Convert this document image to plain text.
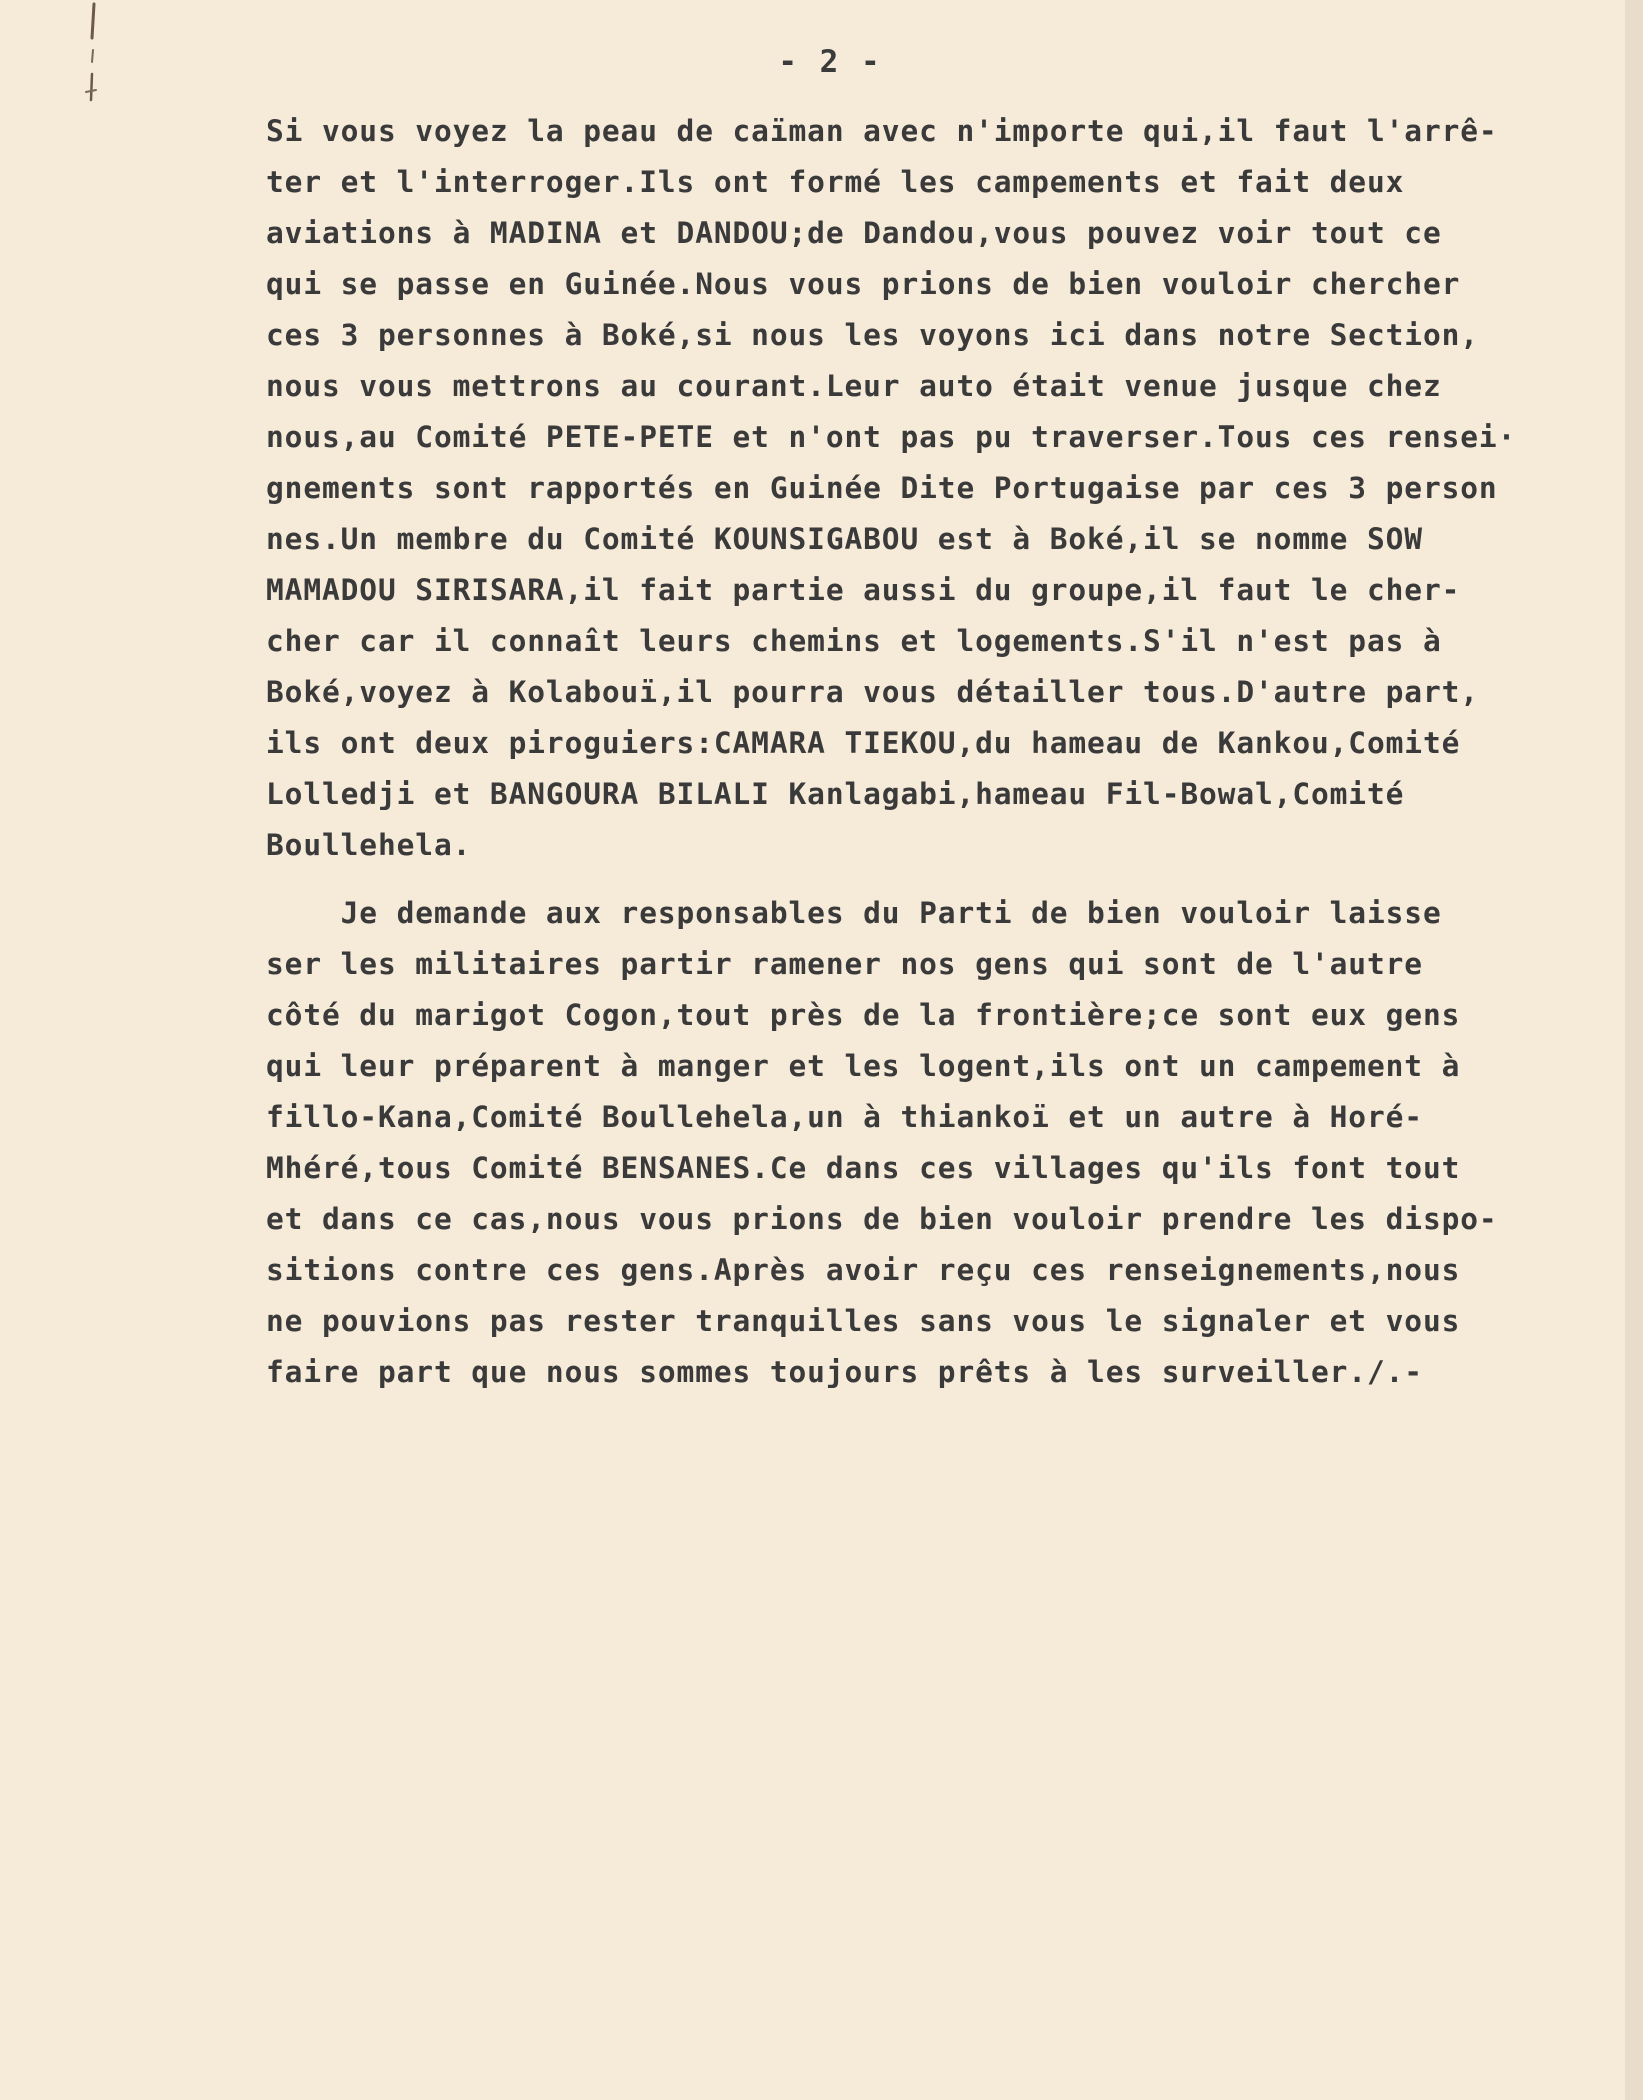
- 2 -

Si vous voyez la peau de caïman avec n'importe qui,il faut l'arrê-
ter et l'interroger.Ils ont formé les campements et fait deux
aviations à MADINA et DANDOU;de Dandou,vous pouvez voir tout ce
qui se passe en Guinée.Nous vous prions de bien vouloir chercher
ces 3 personnes à Boké,si nous les voyons ici dans notre Section,
nous vous mettrons au courant.Leur auto était venue jusque chez
nous,au Comité PETE-PETE et n'ont pas pu traverser.Tous ces rensei·
gnements sont rapportés en Guinée Dite Portugaise par ces 3 person
nes.Un membre du Comité KOUNSIGABOU est à Boké,il se nomme SOW
MAMADOU SIRISARA,il fait partie aussi du groupe,il faut le cher-
cher car il connaît leurs chemins et logements.S'il n'est pas à
Boké,voyez à Kolabouï,il pourra vous détailler tous.D'autre part,
ils ont deux piroguiers:CAMARA TIEKOU,du hameau de Kankou,Comité
Lolledji et BANGOURA BILALI Kanlagabi,hameau Fil-Bowal,Comité
Boullehela.

Je demande aux responsables du Parti de bien vouloir laisse
ser les militaires partir ramener nos gens qui sont de l'autre
côté du marigot Cogon,tout près de la frontière;ce sont eux gens
qui leur préparent à manger et les logent,ils ont un campement à
fillo-Kana,Comité Boullehela,un à thiankoï et un autre à Horé-
Mhéré,tous Comité BENSANES.Ce dans ces villages qu'ils font tout
et dans ce cas,nous vous prions de bien vouloir prendre les dispo-
sitions contre ces gens.Après avoir reçu ces renseignements,nous
ne pouvions pas rester tranquilles sans vous le signaler et vous
faire part que nous sommes toujours prêts à les surveiller./.-
